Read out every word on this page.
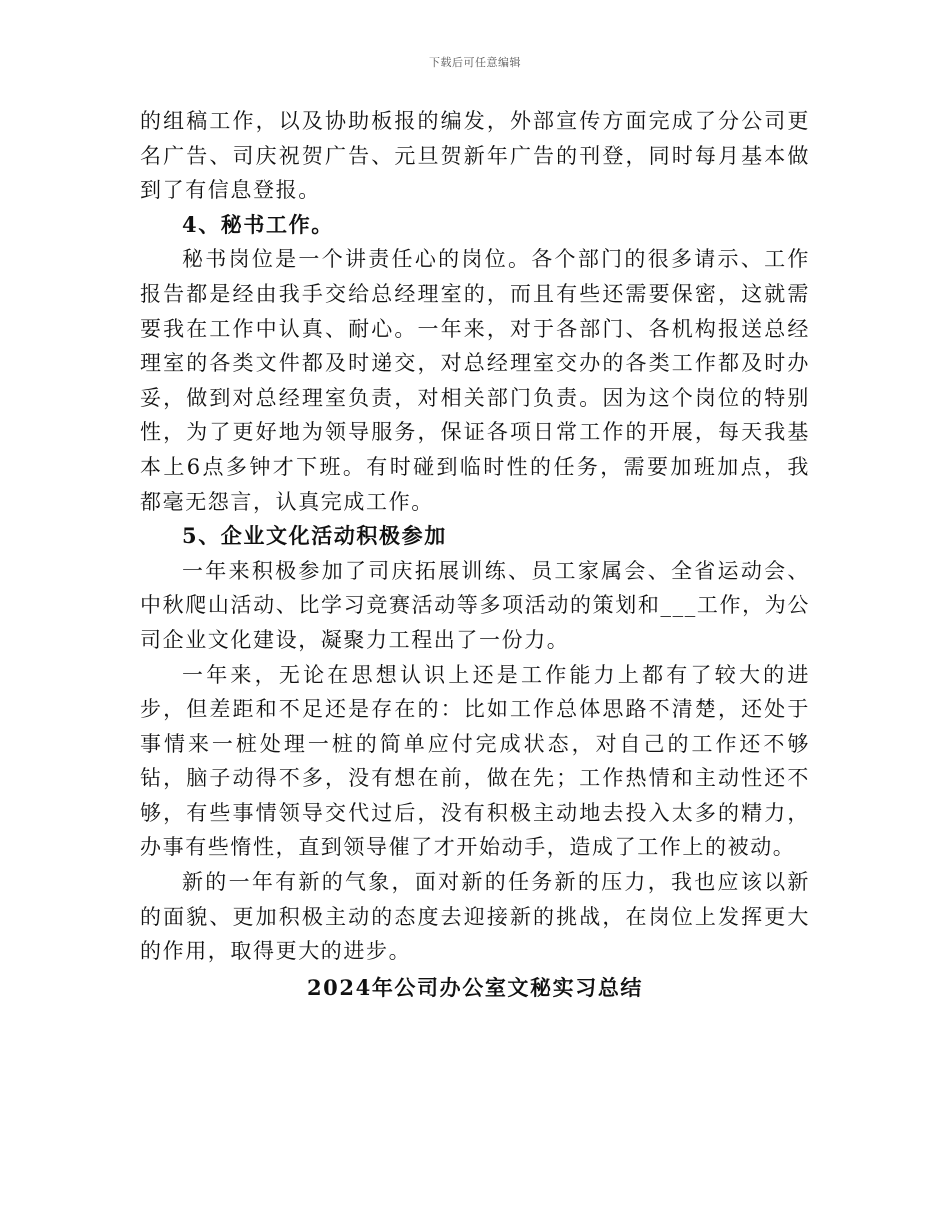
下载后可任意编辑

的组稿工作，以及协助板报的编发，外部宣传方面完成了分公司更名广告、司庆祝贺广告、元旦贺新年广告的刊登，同时每月基本做到了有信息登报。

4、秘书工作。

秘书岗位是一个讲责任心的岗位。各个部门的很多请示、工作报告都是经由我手交给总经理室的，而且有些还需要保密，这就需要我在工作中认真、耐心。一年来，对于各部门、各机构报送总经理室的各类文件都及时递交，对总经理室交办的各类工作都及时办妥，做到对总经理室负责，对相关部门负责。因为这个岗位的特别性，为了更好地为领导服务，保证各项日常工作的开展，每天我基本上6点多钟才下班。有时碰到临时性的任务，需要加班加点，我都毫无怨言，认真完成工作。

5、企业文化活动积极参加

一年来积极参加了司庆拓展训练、员工家属会、全省运动会、中秋爬山活动、比学习竞赛活动等多项活动的策划和___工作，为公司企业文化建设，凝聚力工程出了一份力。

一年来，无论在思想认识上还是工作能力上都有了较大的进步，但差距和不足还是存在的：比如工作总体思路不清楚，还处于事情来一桩处理一桩的简单应付完成状态，对自己的工作还不够钻，脑子动得不多，没有想在前，做在先；工作热情和主动性还不够，有些事情领导交代过后，没有积极主动地去投入太多的精力，办事有些惰性，直到领导催了才开始动手，造成了工作上的被动。

新的一年有新的气象，面对新的任务新的压力，我也应该以新的面貌、更加积极主动的态度去迎接新的挑战，在岗位上发挥更大的作用，取得更大的进步。

2024年公司办公室文秘实习总结
